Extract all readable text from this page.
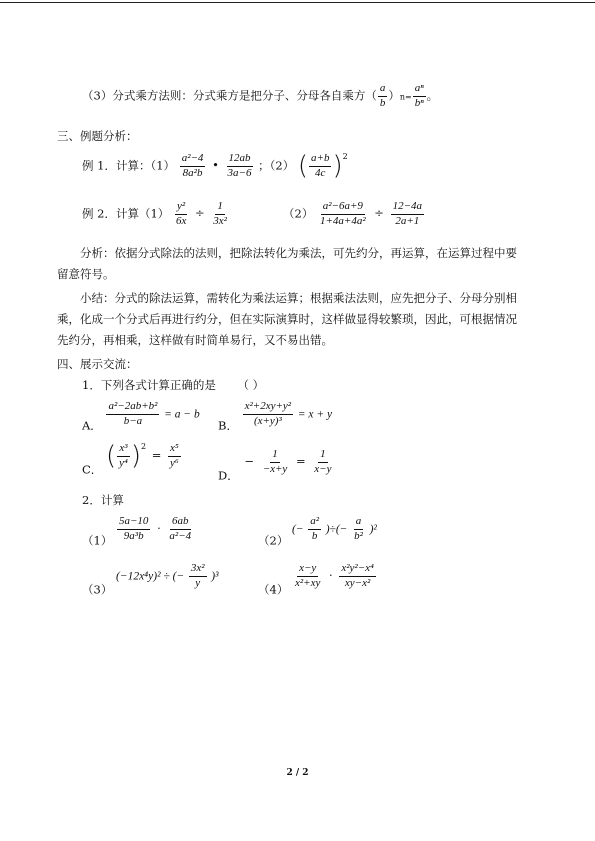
（3）分式乘方法则：分式乘方是把分子、分母各自乘方（ $\frac{a}{b} )n= \frac{\text{aⁿ}}{\text{bⁿ}}$ 。
三、例题分析：
例 1．计算：$(1) \frac{\text{a²−4}}{\text{8a²b}}$ • $\frac{12ab}{3a-6}$ ；（2） ( $\frac{a+b}{4c}$ ) 2
例 2．计算$(1) \frac{\text{y²}}{6x} \div \frac{1}{\text{3x²}}$	$(2) \frac{\text{a²−6a+9}}{\text{1+4a+4a²}} \div \frac{12-4a}{2a+1}$
分析：依据分式除法的法则，把除法转化为乘法，可先约分，再运算，在运算过程中要留意符号。
小结：分式的除法运算，需转化为乘法运算；根据乘法法则，应先把分子、分母分别相乘，化成一个分式后再进行约分，但在实际演算时，这样做显得较繁琐，因此，可根据情况先约分，再相乘，这样做有时简单易行，又不易出错。
四、展示交流：
1．下列各式计算正确的是 （ ）
A． $\frac{\text{a²−2ab+b²}}{b-a} = a - b$
B． $\frac{\text{x²+2xy+y²}}{\text{(x+y)³}} = x + y$
C． ( $\frac{\text{x³}}{\text{y⁴}}$ ) 2
= $\frac{\text{x⁵}}{\text{y⁶}}$
D． − $\frac{1}{-x+y} = \frac{1}{x-y}$
2．计算
$(1) \frac{5a-10}{\text{9a³b}} \cdot \frac{6ab}{\text{a²−4}}$	（2） (− $\frac{\text{a²}}{b}$ )÷(− $\frac{a}{\text{b²}} )^2$
（3） (−12x⁴y)² ÷ (− $\frac{\text{3x²}}{y} )^3$
$(4) \frac{x-y}{\text{x²+xy}} \cdot \frac{\text{x²y²−x⁴}}{\text{xy−x²}}$
2 / 2
